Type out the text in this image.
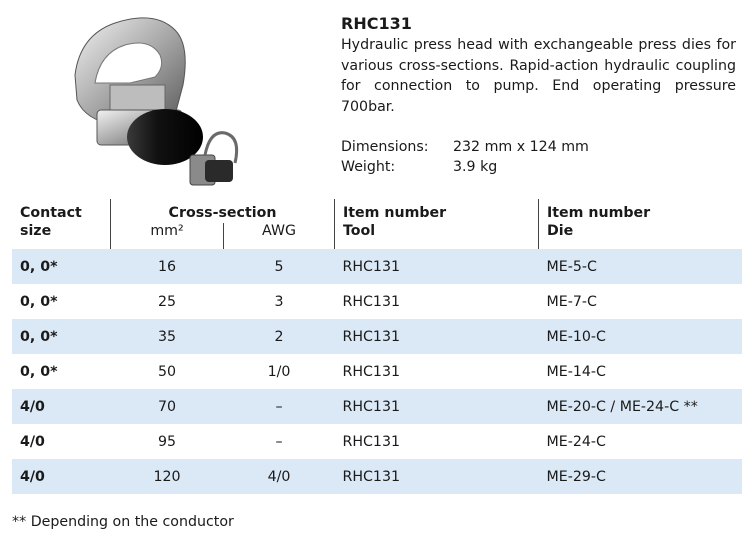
RHC131

Hydraulic press head with exchangeable press dies for various cross-sections. Rapid-action hydraulic coupling for connection to pump. End operating pressure 700bar.

Dimensions:	232 mm x 124 mm
Weight:	3.9 kg
Contact	Cross-section		Item number	Item number
size	mm²	AWG	Tool	Die
0, 0*	16	5	RHC131	ME-5-C
0, 0*	25	3	RHC131	ME-7-C
0, 0*	35	2	RHC131	ME-10-C
0, 0*	50	1/0	RHC131	ME-14-C
4/0	70	–	RHC131	ME-20-C / ME-24-C **
4/0	95	–	RHC131	ME-24-C
4/0	120	4/0	RHC131	ME-29-C
** Depending on the conductor
